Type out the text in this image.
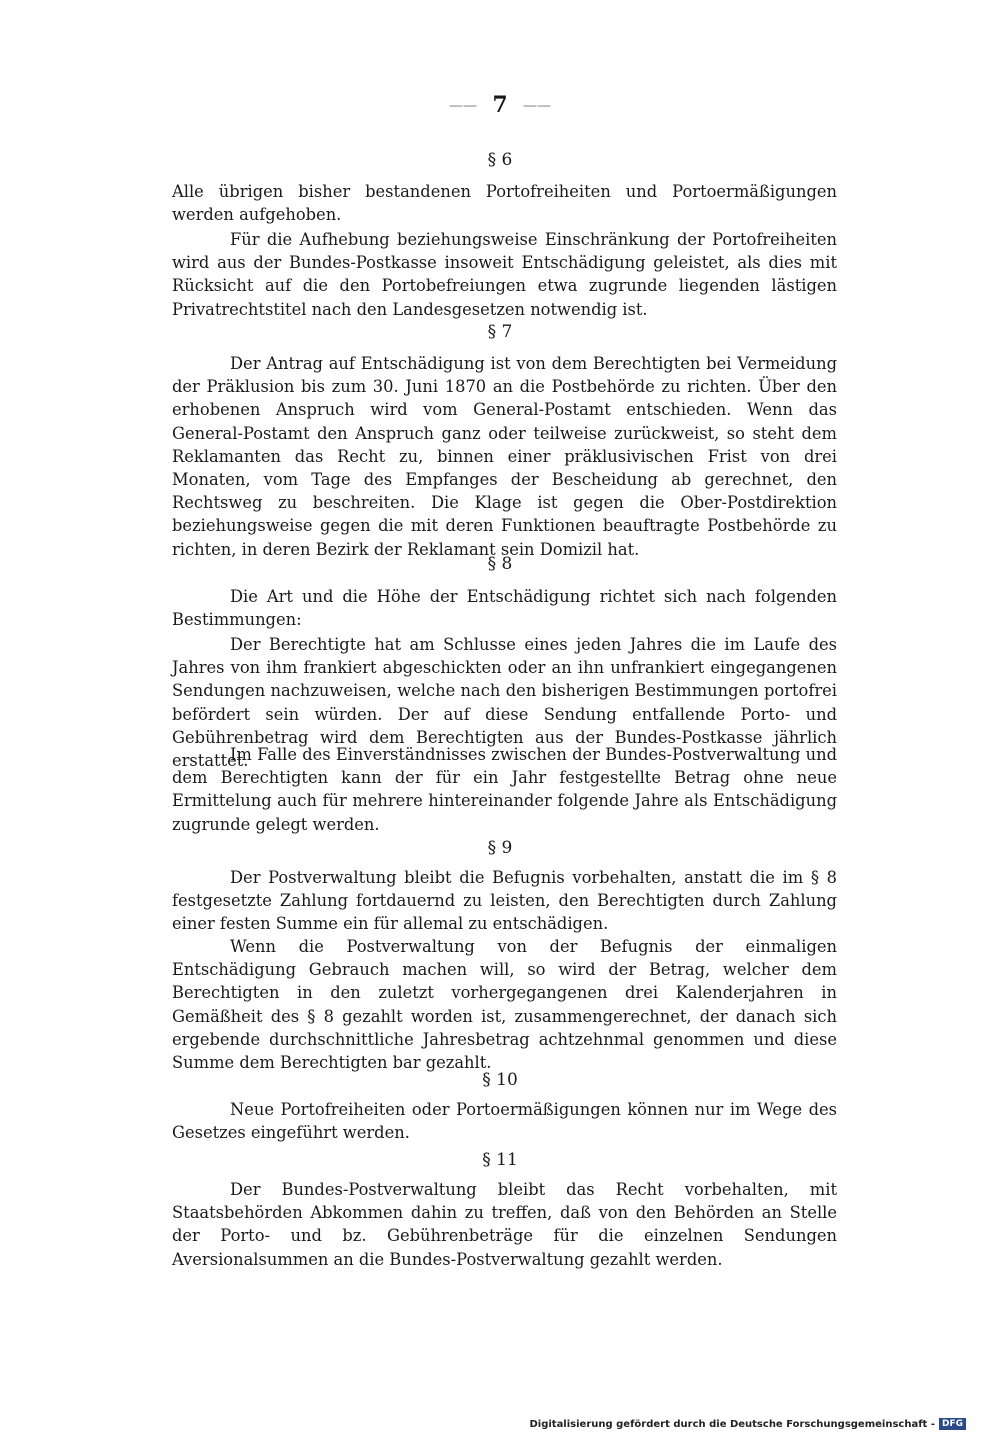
—— 7 ——
§ 6

Alle übrigen bisher bestandenen Portofreiheiten und Portoermäßigungen werden aufgehoben.

Für die Aufhebung beziehungsweise Einschränkung der Portofreiheiten wird aus der Bundes-Postkasse insoweit Entschädigung geleistet, als dies mit Rücksicht auf die den Portobefreiungen etwa zugrunde liegenden lästigen Privatrechtstitel nach den Landesgesetzen notwendig ist.

§ 7

Der Antrag auf Entschädigung ist von dem Berechtigten bei Vermeidung der Präklusion bis zum 30. Juni 1870 an die Postbehörde zu richten. Über den erhobenen Anspruch wird vom General-Postamt entschieden. Wenn das General-Postamt den Anspruch ganz oder teilweise zurückweist, so steht dem Reklamanten das Recht zu, binnen einer präklusivischen Frist von drei Monaten, vom Tage des Empfanges der Bescheidung ab gerechnet, den Rechtsweg zu beschreiten. Die Klage ist gegen die Ober-Postdirektion beziehungsweise gegen die mit deren Funktionen beauftragte Postbehörde zu richten, in deren Bezirk der Reklamant sein Domizil hat.

§ 8

Die Art und die Höhe der Entschädigung richtet sich nach folgenden Bestimmungen:

Der Berechtigte hat am Schlusse eines jeden Jahres die im Laufe des Jahres von ihm frankiert abgeschickten oder an ihn unfrankiert eingegangenen Sendungen nachzuweisen, welche nach den bisherigen Bestimmungen portofrei befördert sein würden. Der auf diese Sendung entfallende Porto- und Gebührenbetrag wird dem Berechtigten aus der Bundes-Postkasse jährlich erstattet.

Im Falle des Einverständnisses zwischen der Bundes-Postverwaltung und dem Berechtigten kann der für ein Jahr festgestellte Betrag ohne neue Ermittelung auch für mehrere hintereinander folgende Jahre als Entschädigung zugrunde gelegt werden.

§ 9

Der Postverwaltung bleibt die Befugnis vorbehalten, anstatt die im § 8 festgesetzte Zahlung fortdauernd zu leisten, den Berechtigten durch Zahlung einer festen Summe ein für allemal zu entschädigen.

Wenn die Postverwaltung von der Befugnis der einmaligen Entschädigung Gebrauch machen will, so wird der Betrag, welcher dem Berechtigten in den zuletzt vorhergegangenen drei Kalenderjahren in Gemäßheit des § 8 gezahlt worden ist, zusammengerechnet, der danach sich ergebende durchschnittliche Jahresbetrag achtzehnmal genommen und diese Summe dem Berechtigten bar gezahlt.

§ 10

Neue Portofreiheiten oder Portoermäßigungen können nur im Wege des Gesetzes eingeführt werden.

§ 11

Der Bundes-Postverwaltung bleibt das Recht vorbehalten, mit Staatsbehörden Abkommen dahin zu treffen, daß von den Behörden an Stelle der Porto- und bz. Gebührenbeträge für die einzelnen Sendungen Aversionalsummen an die Bundes-Postverwaltung gezahlt werden.

Digitalisierung gefördert durch die Deutsche Forschungsgemeinschaft - DFG
